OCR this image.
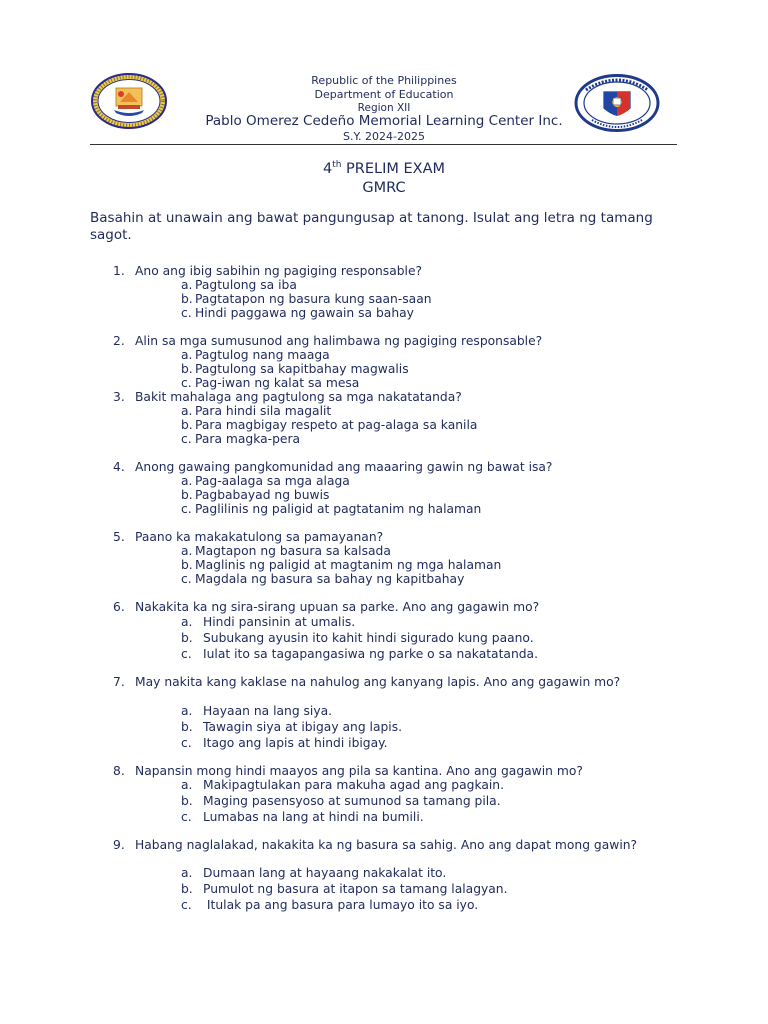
Republic of the Philippines
Department of Education
Region XII
Pablo Omerez Cedeño Memorial Learning Center Inc.
S.Y. 2024-2025
4th PRELIM EXAM
GMRC
Basahin at unawain ang bawat pangungusap at tanong. Isulat ang letra ng tamang sagot.
1. Ano ang ibig sabihin ng pagiging responsable?
a. Pagtulong sa iba
b. Pagtatapon ng basura kung saan-saan
c. Hindi paggawa ng gawain sa bahay
2. Alin sa mga sumusunod ang halimbawa ng pagiging responsable?
a. Pagtulog nang maaga
b. Pagtulong sa kapitbahay magwalis
c. Pag-iwan ng kalat sa mesa
3. Bakit mahalaga ang pagtulong sa mga nakatatanda?
a. Para hindi sila magalit
b. Para magbigay respeto at pag-alaga sa kanila
c. Para magka-pera
4. Anong gawaing pangkomunidad ang maaaring gawin ng bawat isa?
a. Pag-aalaga sa mga alaga
b. Pagbabayad ng buwis
c. Paglilinis ng paligid at pagtatanim ng halaman
5. Paano ka makakatulong sa pamayanan?
a. Magtapon ng basura sa kalsada
b. Maglinis ng paligid at magtanim ng mga halaman
c. Magdala ng basura sa bahay ng kapitbahay
6. Nakakita ka ng sira-sirang upuan sa parke. Ano ang gagawin mo?
a. Hindi pansinin at umalis.
b. Subukang ayusin ito kahit hindi sigurado kung paano.
c. Iulat ito sa tagapangasiwa ng parke o sa nakatatanda.
7. May nakita kang kaklase na nahulog ang kanyang lapis. Ano ang gagawin mo?
a. Hayaan na lang siya.
b. Tawagin siya at ibigay ang lapis.
c. Itago ang lapis at hindi ibigay.
8. Napansin mong hindi maayos ang pila sa kantina. Ano ang gagawin mo?
a. Makipagtulakan para makuha agad ang pagkain.
b. Maging pasensyoso at sumunod sa tamang pila.
c. Lumabas na lang at hindi na bumili.
9. Habang naglalakad, nakakita ka ng basura sa sahig. Ano ang dapat mong gawin?
a. Dumaan lang at hayaang nakakalat ito.
b. Pumulot ng basura at itapon sa tamang lalagyan.
c. Itulak pa ang basura para lumayo ito sa iyo.
